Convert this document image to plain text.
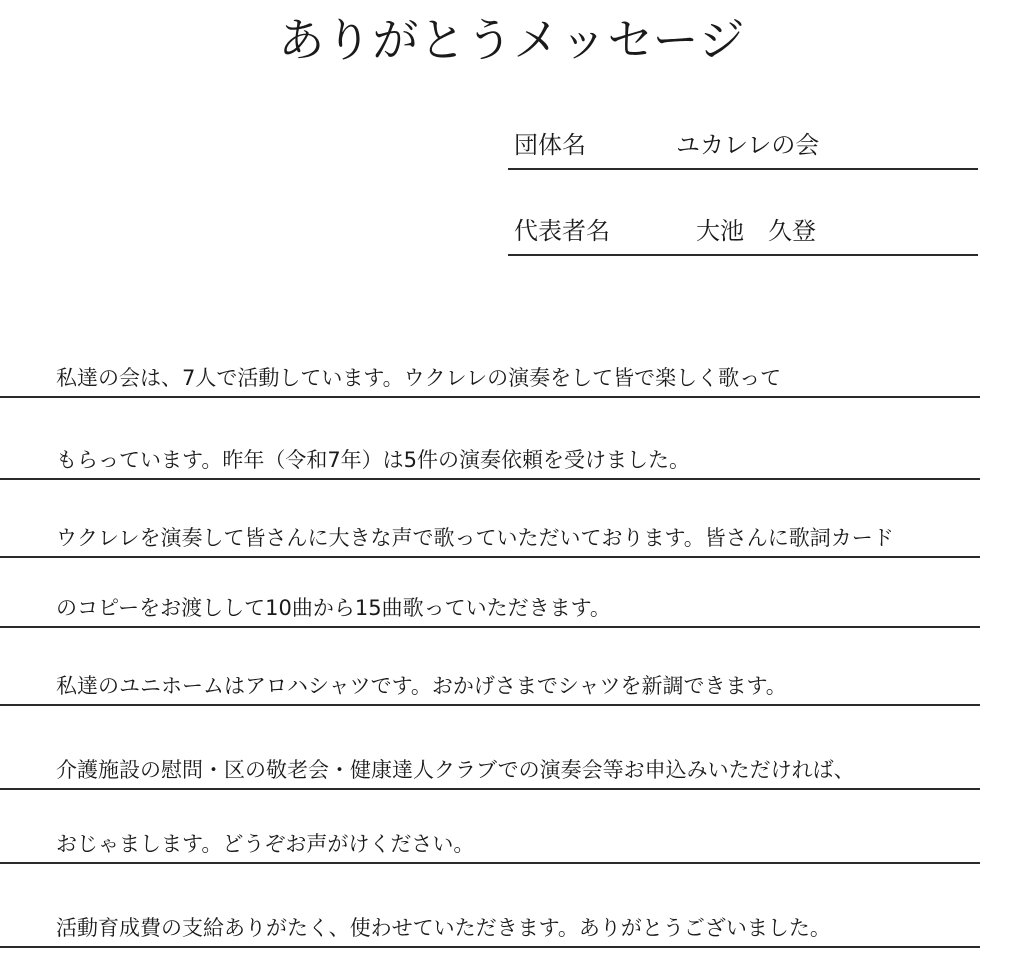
ありがとうメッセージ
団体名	ユカレレの会
代表者名	大池　久登
私達の会は、7人で活動しています。ウクレレの演奏をして皆で楽しく歌って
もらっています。昨年（令和7年）は5件の演奏依頼を受けました。
ウクレレを演奏して皆さんに大きな声で歌っていただいております。皆さんに歌詞カード
のコピーをお渡しして10曲から15曲歌っていただきます。
私達のユニホームはアロハシャツです。おかげさまでシャツを新調できます。
介護施設の慰問・区の敬老会・健康達人クラブでの演奏会等お申込みいただければ、
おじゃまします。どうぞお声がけください。
活動育成費の支給ありがたく、使わせていただきます。ありがとうございました。
